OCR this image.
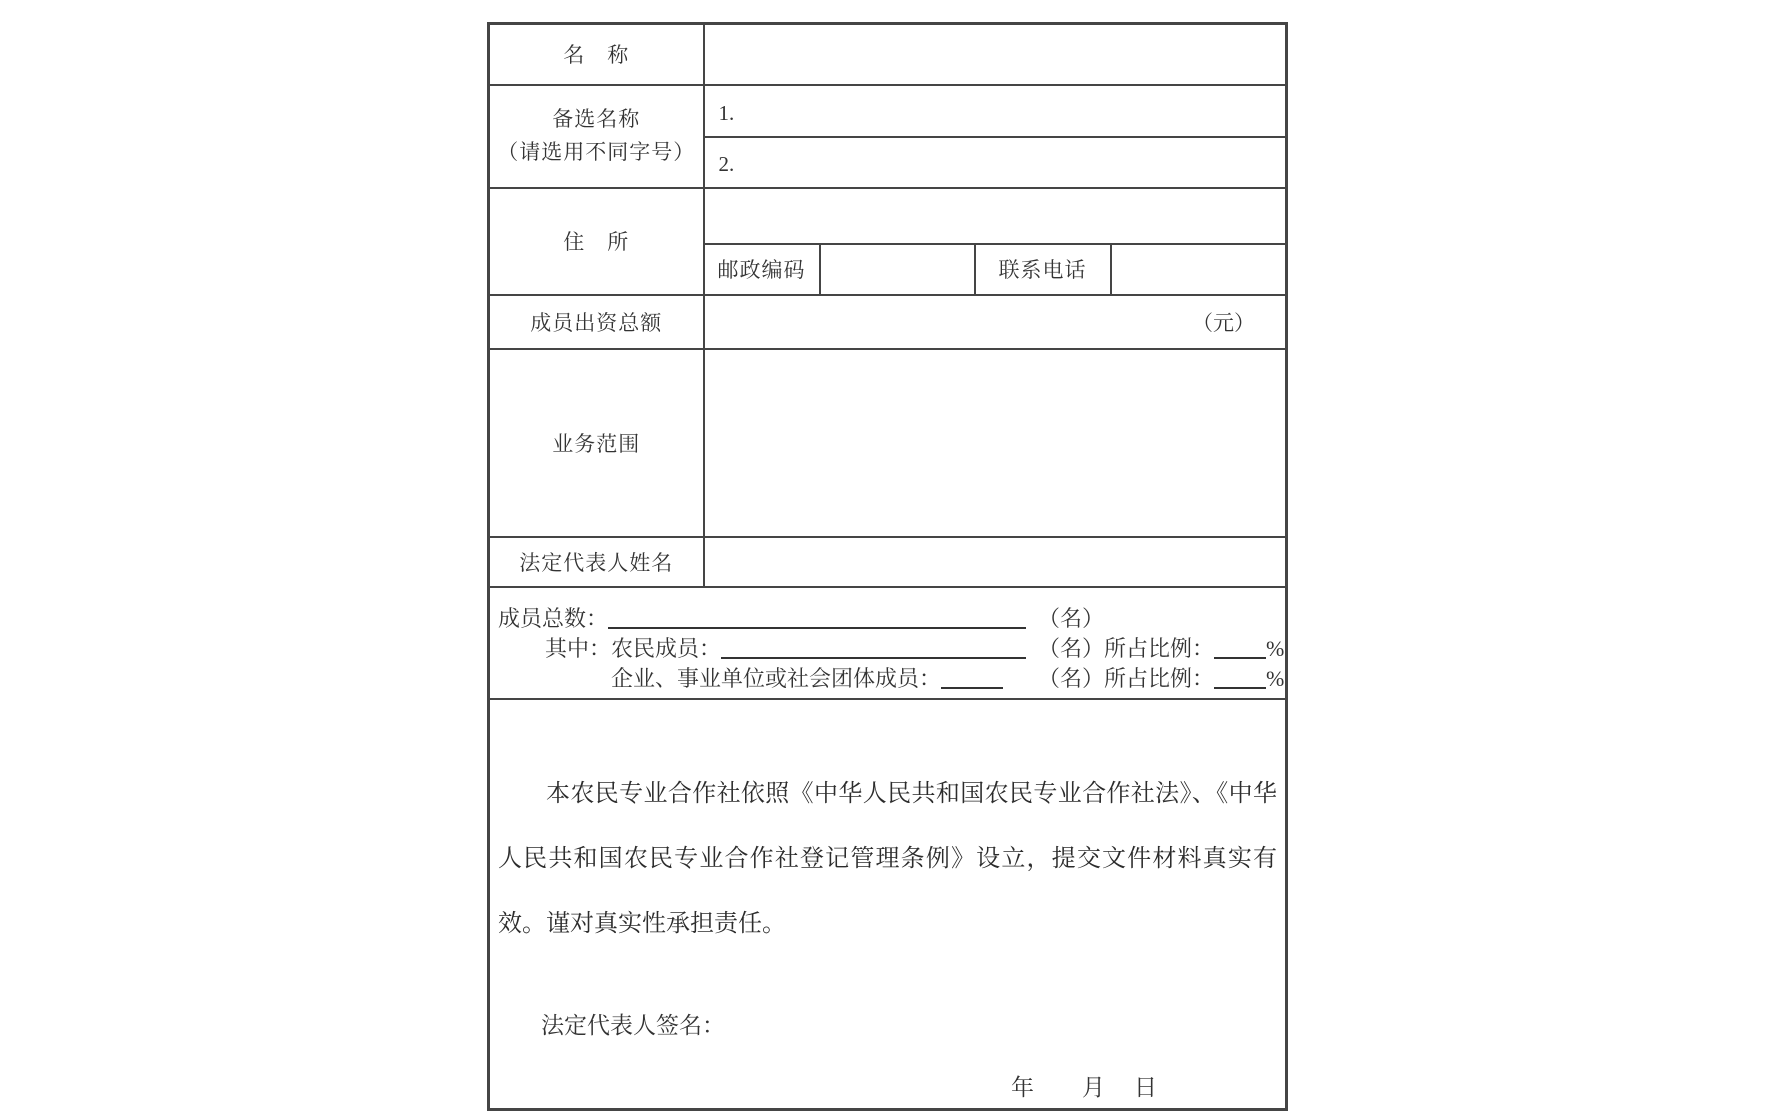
名　称				

备选名称
（请选用不同字号）	1.			
	2.			
住　所				
	邮政编码		联系电话	
成员出资总额	（元）			
业务范围				
法定代表人姓名				

成员总数：	（名）
其中：农民成员：	（名）所占比例： %
企业、事业单位或社会团体成员：	（名）所占比例： %

本农民专业合作社依照《中华人民共和国农民专业合作社法》、《中华人民共和国农民专业合作社登记管理条例》设立，提交文件材料真实有效。谨对真实性承担责任。
法定代表人签名：
年 月 日				
